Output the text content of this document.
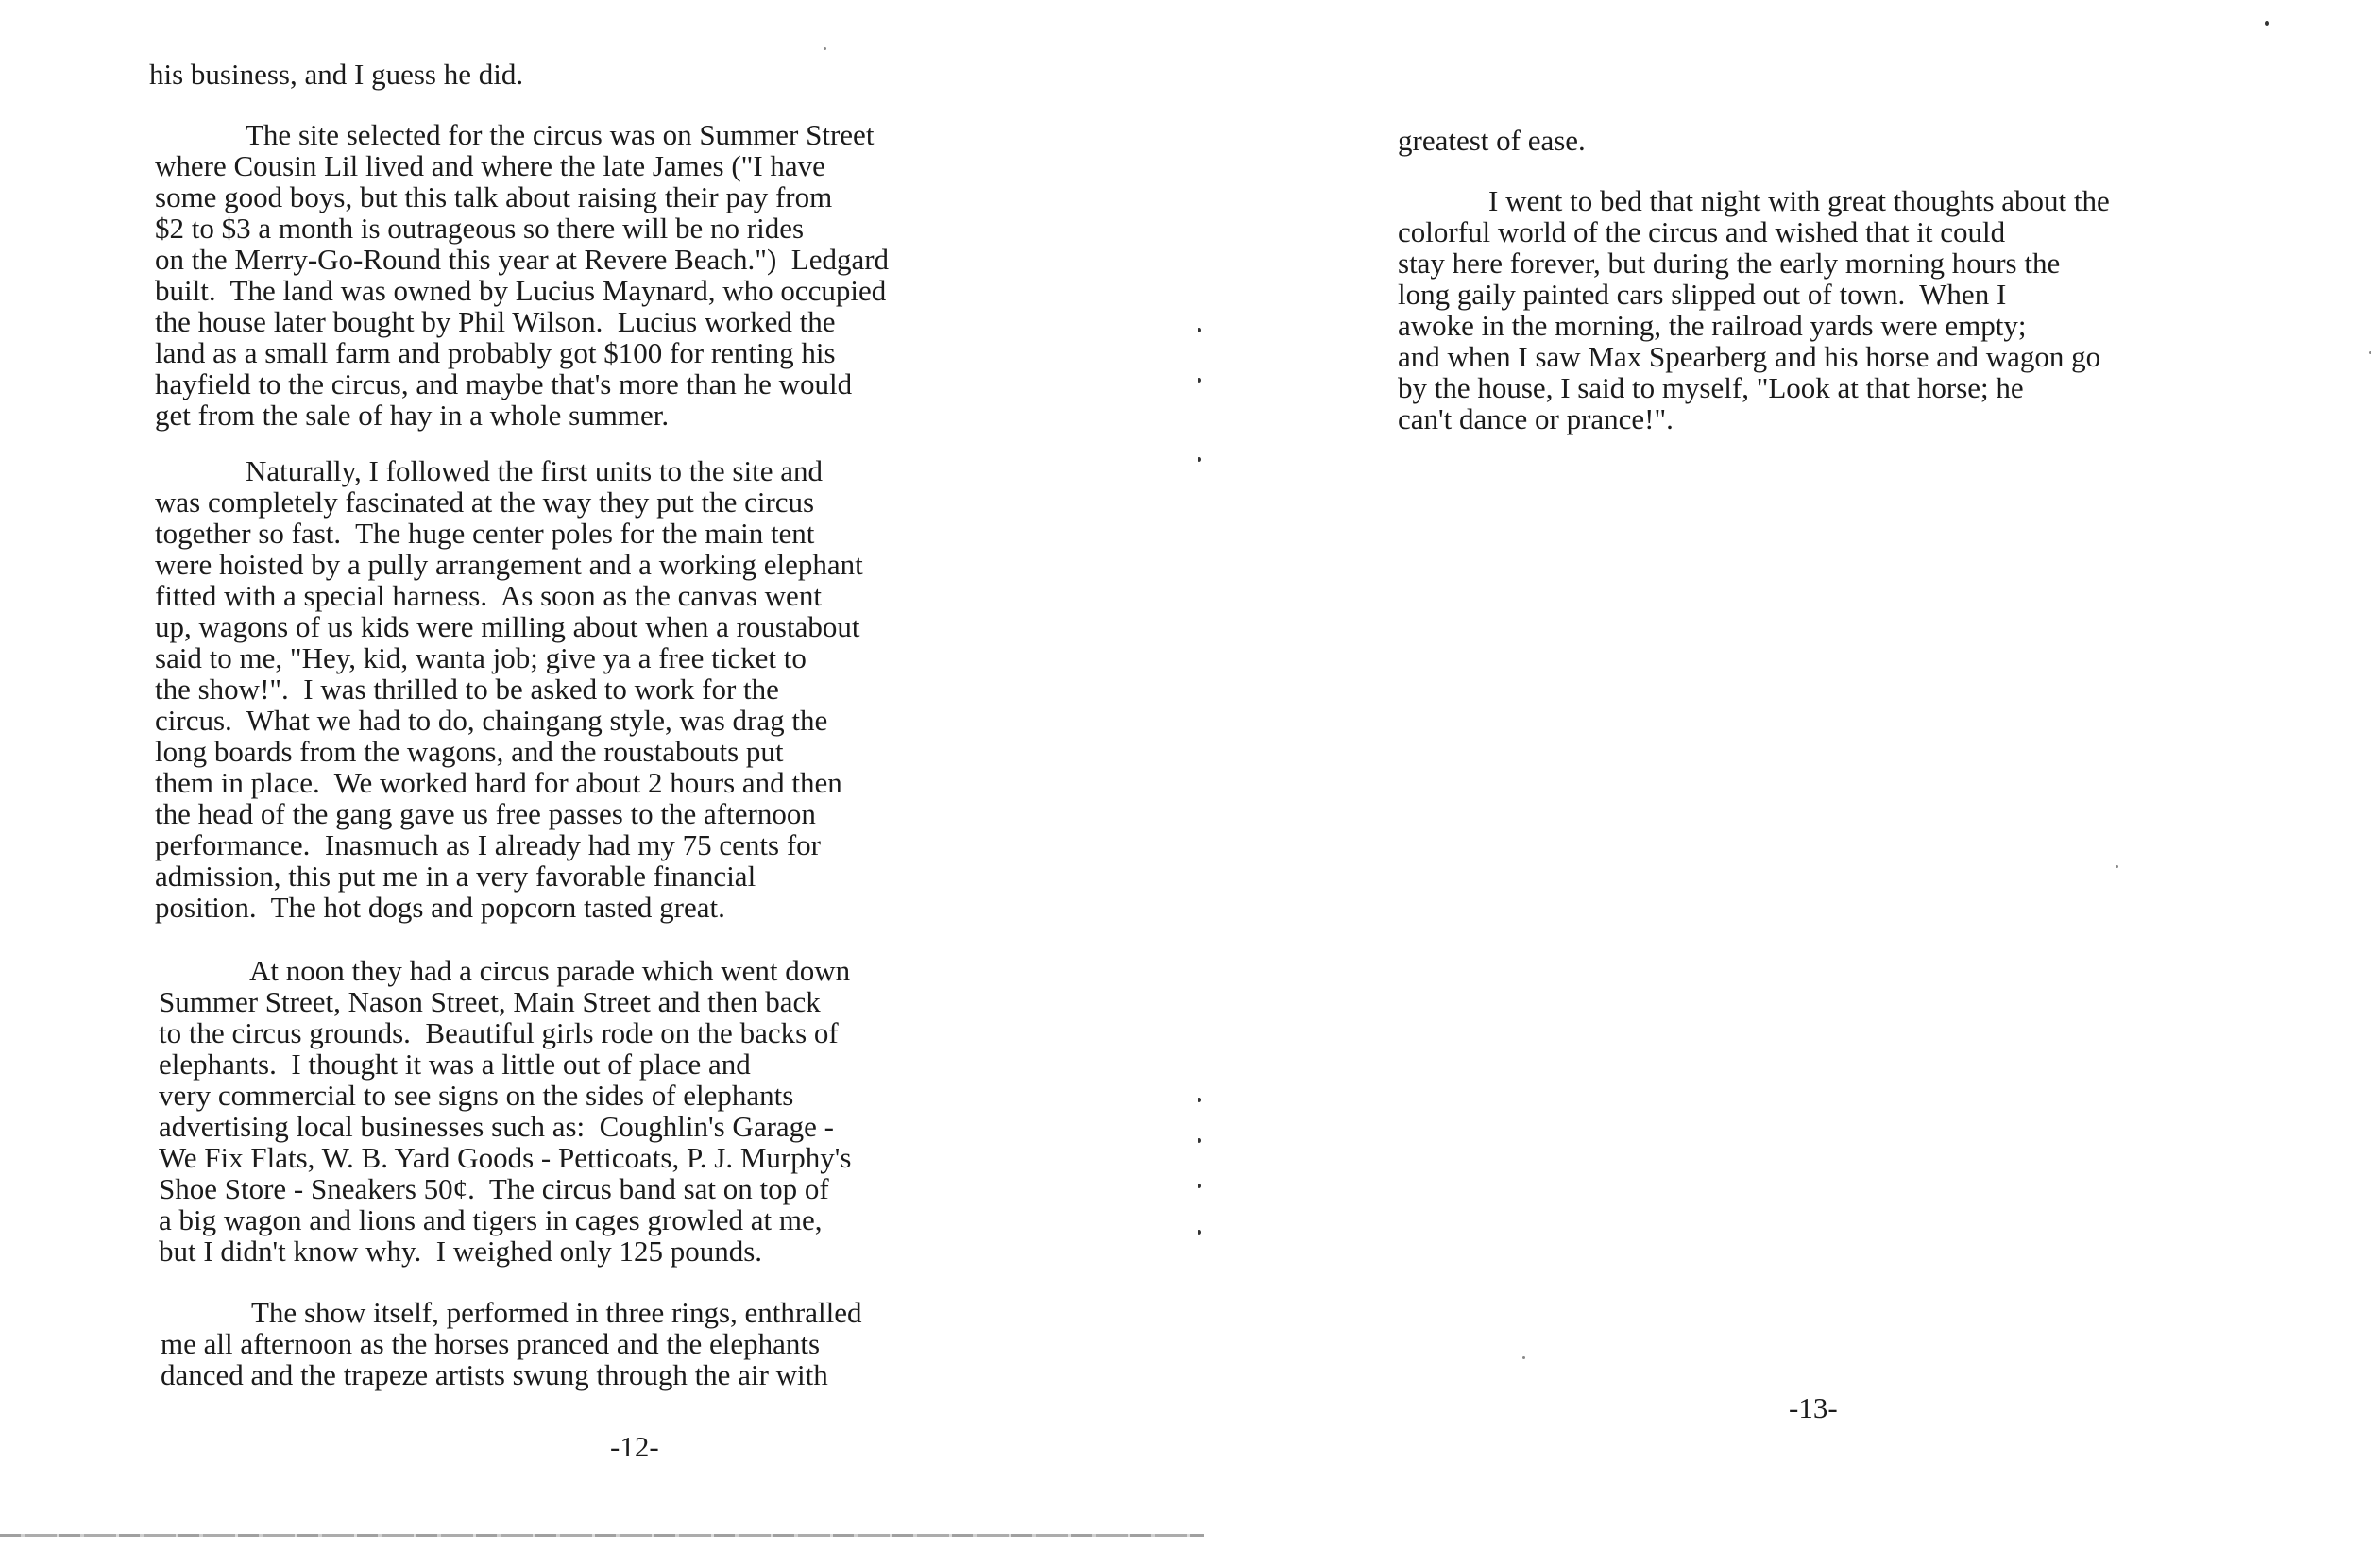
his business, and I guess he did.
The site selected for the circus was on Summer Street
where Cousin Lil lived and where the late James ("I have
some good boys, but this talk about raising their pay from
$2 to $3 a month is outrageous so there will be no rides
on the Merry-Go-Round this year at Revere Beach.")  Ledgard
built.  The land was owned by Lucius Maynard, who occupied
the house later bought by Phil Wilson.  Lucius worked the
land as a small farm and probably got $100 for renting his
hayfield to the circus, and maybe that's more than he would
get from the sale of hay in a whole summer.
Naturally, I followed the first units to the site and
was completely fascinated at the way they put the circus
together so fast.  The huge center poles for the main tent
were hoisted by a pully arrangement and a working elephant
fitted with a special harness.  As soon as the canvas went
up, wagons of us kids were milling about when a roustabout
said to me, "Hey, kid, wanta job; give ya a free ticket to
the show!".  I was thrilled to be asked to work for the
circus.  What we had to do, chaingang style, was drag the
long boards from the wagons, and the roustabouts put
them in place.  We worked hard for about 2 hours and then
the head of the gang gave us free passes to the afternoon
performance.  Inasmuch as I already had my 75 cents for
admission, this put me in a very favorable financial
position.  The hot dogs and popcorn tasted great.
At noon they had a circus parade which went down
Summer Street, Nason Street, Main Street and then back
to the circus grounds.  Beautiful girls rode on the backs of
elephants.  I thought it was a little out of place and
very commercial to see signs on the sides of elephants
advertising local businesses such as:  Coughlin's Garage -
We Fix Flats, W. B. Yard Goods - Petticoats, P. J. Murphy's
Shoe Store - Sneakers 50¢.  The circus band sat on top of
a big wagon and lions and tigers in cages growled at me,
but I didn't know why.  I weighed only 125 pounds.
The show itself, performed in three rings, enthralled
me all afternoon as the horses pranced and the elephants
danced and the trapeze artists swung through the air with
-12-
greatest of ease.
I went to bed that night with great thoughts about the
colorful world of the circus and wished that it could
stay here forever, but during the early morning hours the
long gaily painted cars slipped out of town.  When I
awoke in the morning, the railroad yards were empty;
and when I saw Max Spearberg and his horse and wagon go
by the house, I said to myself, "Look at that horse; he
can't dance or prance!".
-13-
